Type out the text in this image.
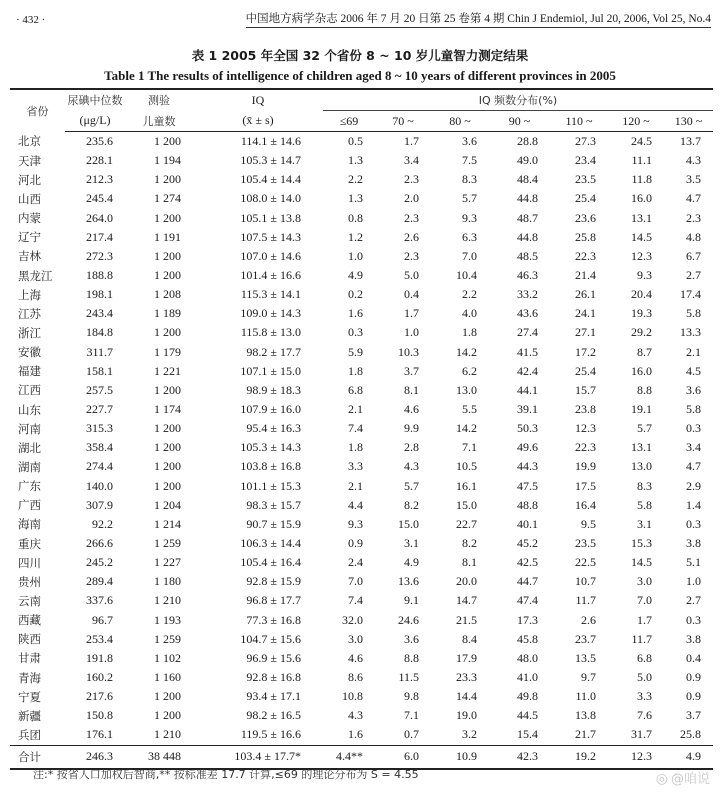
· 432 ·	中国地方病学杂志 2006 年 7 月 20 日第 25 卷第 4 期 Chin J Endemiol, Jul 20, 2006, Vol 25, No.4
表 1 2005 年全国 32 个省份 8 ~ 10 岁儿童智力测定结果
Table 1 The results of intelligence of children aged 8 ~ 10 years of different provinces in 2005
省份	尿碘中位数	测验	IQ	IQ 频数分布(%)						
	(μg/L)	儿童数	(x̄ ± s)	≤69	70 ~	80 ~	90 ~	110 ~	120 ~	130 ~
北京	235.6	1 200	114.1 ± 14.6	0.5	1.7	3.6	28.8	27.3	24.5	13.7
天津	228.1	1 194	105.3 ± 14.7	1.3	3.4	7.5	49.0	23.4	11.1	4.3
河北	212.3	1 200	105.4 ± 14.4	2.2	2.3	8.3	48.4	23.5	11.8	3.5
山西	245.4	1 274	108.0 ± 14.0	1.3	2.0	5.7	44.8	25.4	16.0	4.7
内蒙	264.0	1 200	105.1 ± 13.8	0.8	2.3	9.3	48.7	23.6	13.1	2.3
辽宁	217.4	1 191	107.5 ± 14.3	1.2	2.6	6.3	44.8	25.8	14.5	4.8
吉林	272.3	1 200	107.0 ± 14.6	1.0	2.3	7.0	48.5	22.3	12.3	6.7
黑龙江	188.8	1 200	101.4 ± 16.6	4.9	5.0	10.4	46.3	21.4	9.3	2.7
上海	198.1	1 208	115.3 ± 14.1	0.2	0.4	2.2	33.2	26.1	20.4	17.4
江苏	243.4	1 189	109.0 ± 14.3	1.6	1.7	4.0	43.6	24.1	19.3	5.8
浙江	184.8	1 200	115.8 ± 13.0	0.3	1.0	1.8	27.4	27.1	29.2	13.3
安徽	311.7	1 179	98.2 ± 17.7	5.9	10.3	14.2	41.5	17.2	8.7	2.1
福建	158.1	1 221	107.1 ± 15.0	1.8	3.7	6.2	42.4	25.4	16.0	4.5
江西	257.5	1 200	98.9 ± 18.3	6.8	8.1	13.0	44.1	15.7	8.8	3.6
山东	227.7	1 174	107.9 ± 16.0	2.1	4.6	5.5	39.1	23.8	19.1	5.8
河南	315.3	1 200	95.4 ± 16.3	7.4	9.9	14.2	50.3	12.3	5.7	0.3
湖北	358.4	1 200	105.3 ± 14.3	1.8	2.8	7.1	49.6	22.3	13.1	3.4
湖南	274.4	1 200	103.8 ± 16.8	3.3	4.3	10.5	44.3	19.9	13.0	4.7
广东	140.0	1 200	101.1 ± 15.3	2.1	5.7	16.1	47.5	17.5	8.3	2.9
广西	307.9	1 204	98.3 ± 15.7	4.4	8.2	15.0	48.8	16.4	5.8	1.4
海南	92.2	1 214	90.7 ± 15.9	9.3	15.0	22.7	40.1	9.5	3.1	0.3
重庆	266.6	1 259	106.3 ± 14.4	0.9	3.1	8.2	45.2	23.5	15.3	3.8
四川	245.2	1 227	105.4 ± 16.4	2.4	4.9	8.1	42.5	22.5	14.5	5.1
贵州	289.4	1 180	92.8 ± 15.9	7.0	13.6	20.0	44.7	10.7	3.0	1.0
云南	337.6	1 210	96.8 ± 17.7	7.4	9.1	14.7	47.4	11.7	7.0	2.7
西藏	96.7	1 193	77.3 ± 16.8	32.0	24.6	21.5	17.3	2.6	1.7	0.3
陕西	253.4	1 259	104.7 ± 15.6	3.0	3.6	8.4	45.8	23.7	11.7	3.8
甘肃	191.8	1 102	96.9 ± 15.6	4.6	8.8	17.9	48.0	13.5	6.8	0.4
青海	160.2	1 160	92.8 ± 16.8	8.6	11.5	23.3	41.0	9.7	5.0	0.9
宁夏	217.6	1 200	93.4 ± 17.1	10.8	9.8	14.4	49.8	11.0	3.3	0.9
新疆	150.8	1 200	98.2 ± 16.5	4.3	7.1	19.0	44.5	13.8	7.6	3.7
兵团	176.1	1 210	119.5 ± 16.6	1.6	0.7	3.2	15.4	21.7	31.7	25.8
合计	246.3	38 448	103.4 ± 17.7*	4.4**	6.0	10.9	42.3	19.2	12.3	4.9
注:* 按省人口加权后智商,** 按标准差 17.7 计算,≤69 的理论分布为 S = 4.55	◎ @咱说
